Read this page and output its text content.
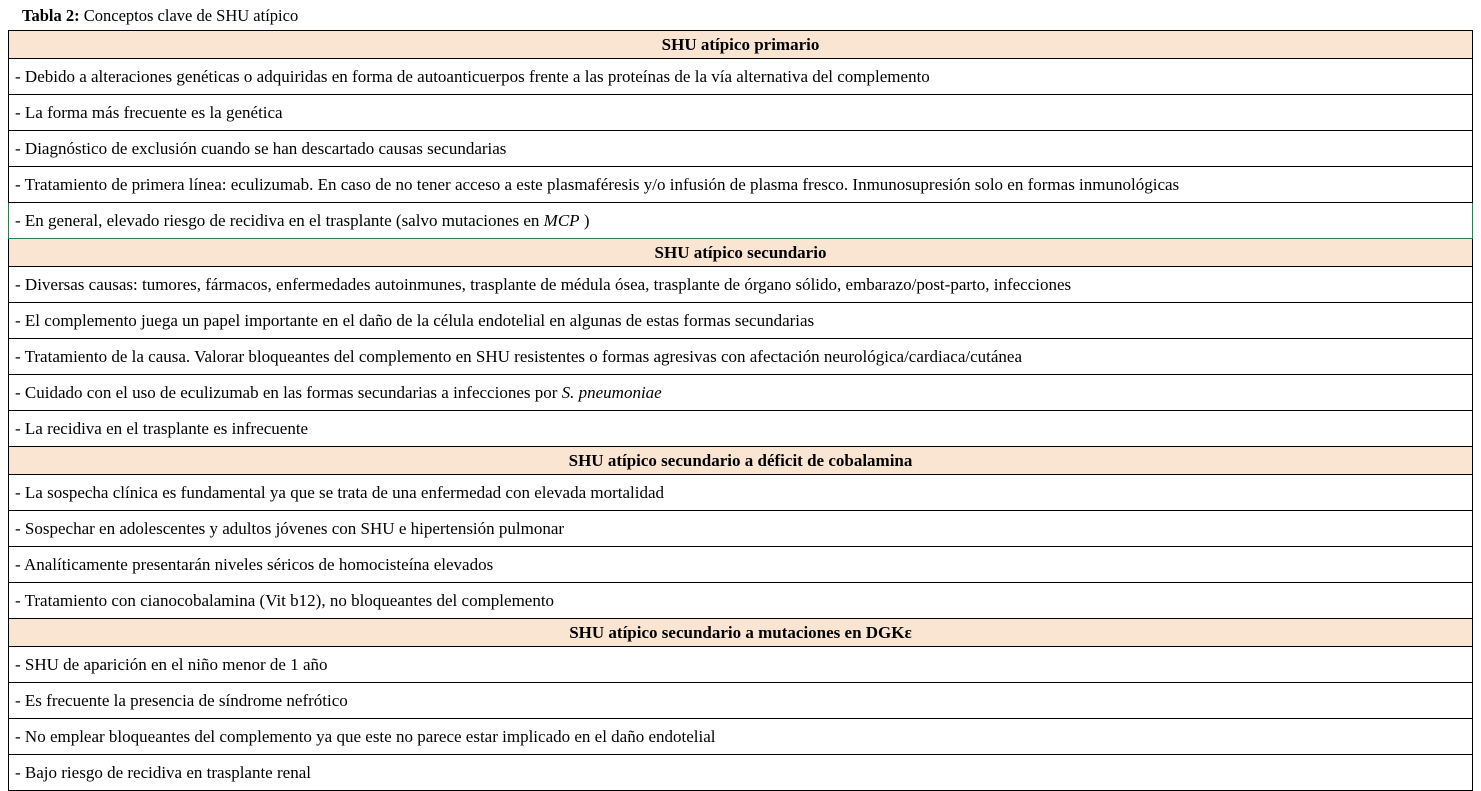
Tabla 2: Conceptos clave de SHU atípico
SHU atípico primario
- Debido a alteraciones genéticas o adquiridas en forma de autoanticuerpos frente a las proteínas de la vía alternativa del complemento
- La forma más frecuente es la genética
- Diagnóstico de exclusión cuando se han descartado causas secundarias
- Tratamiento de primera línea: eculizumab. En caso de no tener acceso a este plasmaféresis y/o infusión de plasma fresco. Inmunosupresión solo en formas inmunológicas
- En general, elevado riesgo de recidiva en el trasplante (salvo mutaciones en MCP )
SHU atípico secundario
- Diversas causas: tumores, fármacos, enfermedades autoinmunes, trasplante de médula ósea, trasplante de órgano sólido, embarazo/post-parto, infecciones
- El complemento juega un papel importante en el daño de la célula endotelial en algunas de estas formas secundarias
- Tratamiento de la causa. Valorar bloqueantes del complemento en SHU resistentes o formas agresivas con afectación neurológica/cardiaca/cutánea
- Cuidado con el uso de eculizumab en las formas secundarias a infecciones por S. pneumoniae
- La recidiva en el trasplante es infrecuente
SHU atípico secundario a déficit de cobalamina
- La sospecha clínica es fundamental ya que se trata de una enfermedad con elevada mortalidad
- Sospechar en adolescentes y adultos jóvenes con SHU e hipertensión pulmonar
- Analíticamente presentarán niveles séricos de homocisteína elevados
- Tratamiento con cianocobalamina (Vit b12), no bloqueantes del complemento
SHU atípico secundario a mutaciones en DGKε
- SHU de aparición en el niño menor de 1 año
- Es frecuente la presencia de síndrome nefrótico
- No emplear bloqueantes del complemento ya que este no parece estar implicado en el daño endotelial
- Bajo riesgo de recidiva en trasplante renal
